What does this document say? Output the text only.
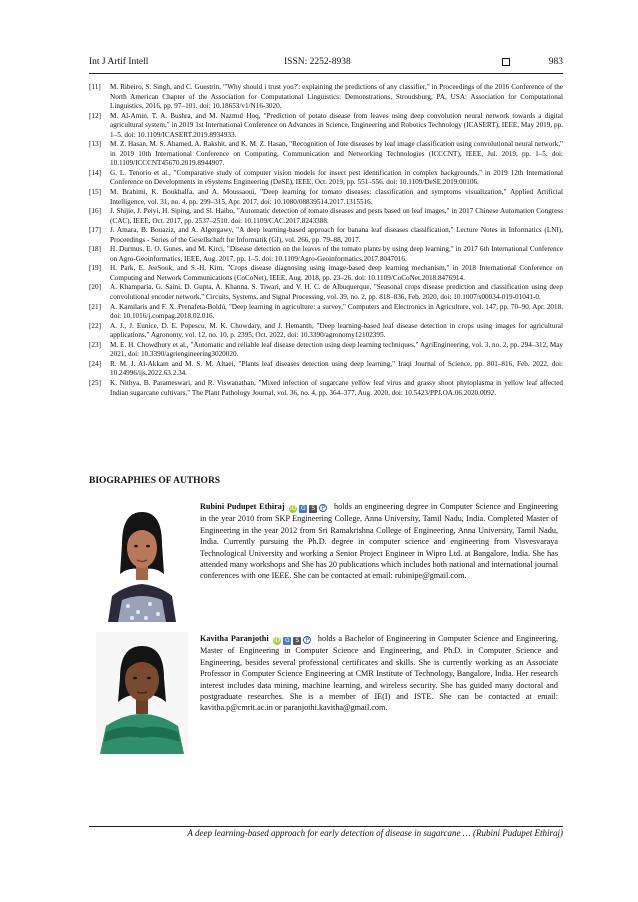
Int J Artif Intell	ISSN: 2252-8938	983
[11] M. Ribeiro, S. Singh, and C. Guestrin, "'Why should i trust you?': explaining the predictions of any classifier," in Proceedings of the 2016 Conference of the North American Chapter of the Association for Computational Linguistics: Demonstrations, Stroudsburg, PA, USA: Association for Computational Linguistics, 2016, pp. 97–101. doi: 10.18653/v1/N16-3020.
[12] M. Al-Amin, T. A. Bushra, and M. Nazmul Hoq, "Prediction of potato disease from leaves using deep convolution neural network towards a digital agricultural system," in 2019 1st International Conference on Advances in Science, Engineering and Robotics Technology (ICASERT), IEEE, May 2019, pp. 1–5. doi: 10.1109/ICASERT.2019.8934933.
[13] M. Z. Hasan, M. S. Ahamed, A. Rakshit, and K. M. Z. Hasan, "Recognition of Jute diseases by leaf image classification using convolutional neural network," in 2019 10th International Conference on Computing, Communication and Networking Technologies (ICCCNT), IEEE, Jul. 2019, pp. 1–5. doi: 10.1109/ICCCNT45670.2019.8944907.
[14] G. L. Tenorio et al., "Comparative study of computer vision models for insect pest identification in complex backgrounds," in 2019 12th International Conference on Developments in eSystems Engineering (DeSE), IEEE, Oct. 2019, pp. 551–556. doi: 10.1109/DeSE.2019.00106.
[15] M. Brahimi, K. Boukhalfa, and A. Moussaoui, "Deep learning for tomato diseases: classification and symptoms visualization," Applied Artificial Intelligence, vol. 31, no. 4, pp. 299–315, Apr. 2017, doi: 10.1080/08839514.2017.1315516.
[16] J. Shijie, J. Peiyi, H. Siping, and Sl. Haibo, "Automatic detection of tomato diseases and pests based on leaf images," in 2017 Chinese Automation Congress (CAC), IEEE, Oct. 2017, pp. 2537–2510. doi: 10.1109/CAC.2017.8243388.
[17] J. Amara, B. Bouaziz, and A. Algergawy, "A deep learning-based approach for banana leaf diseases classification," Lecture Notes in Informatics (LNI), Proceedings - Series of the Gesellschaft fur Informatik (GI), vol. 266, pp. 79–88, 2017.
[18] H. Durmus, E. O. Gunes, and M. Kirci, "Disease detection on the leaves of the tomato plants by using deep learning," in 2017 6th International Conference on Agro-Geoinformatics, IEEE, Aug. 2017, pp. 1–5. doi: 10.1109/Agro-Geoinformatics.2017.8047016.
[19] H. Park, E. JeeSook, and S.-H. Kim, "Crops disease diagnosing using image-based deep learning mechanism," in 2018 International Conference on Computing and Network Communications (CoCoNet), IEEE, Aug. 2018, pp. 23–26. doi: 10.1109/CoCoNet.2018.8476914.
[20] A. Khamparia, G. Saini, D. Gupta, A. Khanna, S. Tiwari, and V. H. C. de Albuquerque, "Seasonal crops disease prediction and classification using deep convolutional encoder network," Circuits, Systems, and Signal Processing, vol. 39, no. 2, pp. 818–836, Feb. 2020, doi: 10.1007/s00034-019-01041-0.
[21] A. Kamilaris and F. X. Prenafeta-Boldú, "Deep learning in agriculture: a survey," Computers and Electronics in Agriculture, vol. 147, pp. 70–90, Apr. 2018, doi: 10.1016/j.compag.2018.02.016.
[22] A. J., J. Eunice, D. E. Popescu, M. K. Chowdary, and J. Hemanth, "Deep learning-based leaf disease detection in crops using images for agricultural applications," Agronomy, vol. 12, no. 10, p. 2395, Oct. 2022, doi: 10.3390/agronomy12102395.
[23] M. E. H. Chowdhury et al., "Automatic and reliable leaf disease detection using deep learning techniques," AgriEngineering, vol. 3, no. 2, pp. 294–312, May 2021, doi: 10.3390/agriengineering3020020.
[24] R. M. J. Al-Akkam and M. S. M. Altaei, "Plants leaf diseases detection using deep learning," Iraqi Journal of Science, pp. 801–816, Feb. 2022, doi: 10.24996/ijs.2022.63.2.34.
[25] K. Nithya, B. Parameswari, and R. Viswanathan, "Mixed infection of sugarcane yellow leaf virus and grassy shoot phytoplasma in yellow leaf affected Indian sugarcane cultivars," The Plant Pathology Journal, vol. 36, no. 4, pp. 364–377, Aug. 2020, doi: 10.5423/PPJ.OA.06.2020.0092.
BIOGRAPHIES OF AUTHORS
Rubini Pudupet Ethiraj iD G S P holds an engineering degree in Computer Science and Engineering in the year 2010 from SKP Engineering College, Anna University, Tamil Nadu, India. Completed Master of Engineering in the year 2012 from Sri Ramakrishna College of Engineering, Anna University, Tamil Nadu, India. Currently pursuing the Ph.D. degree in computer science and engineering from Visvesvaraya Technological University and working a Senior Project Engineer in Wipro Ltd. at Bangalore, India. She has attended many workshops and She has 20 publications which includes both national and international journal conferences with one IEEE. She can be contacted at email: rubinipe@gmail.com.
Kavitha Paranjothi iD G S P holds a Bachelor of Engineering in Computer Science and Engineering, Master of Engineering in Computer Science and Engineering, and Ph.D. in Computer Science and Engineering, besides several professional certificates and skills. She is currently working as an Associate Professor in Computer Science Engineering at CMR Institute of Technology, Bangalore, India. Her research interest includes data mining, machine learning, and wireless security. She has guided many doctoral and postgraduate researches. She is a member of IE(I) and ISTE. She can be contacted at email: kavitha.p@cmrit.ac.in or paranjothi.kavitha@gmail.com.
A deep learning-based approach for early detection of disease in sugarcane … (Rubini Pudupet Ethiraj)
